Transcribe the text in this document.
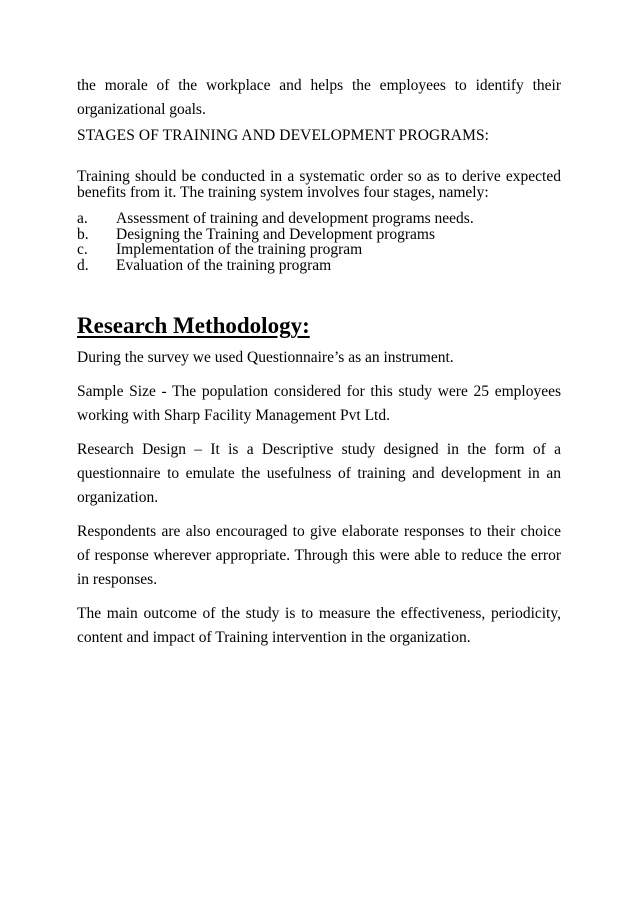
the morale of the workplace and helps the employees to identify their organizational goals.

STAGES OF TRAINING AND DEVELOPMENT PROGRAMS:

Training should be conducted in a systematic order so as to derive expected benefits from it. The training system involves four stages, namely:

a.	Assessment of training and development programs needs.
b.	Designing the Training and Development programs
c.	Implementation of the training program
d.	Evaluation of the training program
Research Methodology:

During the survey we used Questionnaire’s as an instrument.

Sample Size - The population considered for this study were 25 employees working with Sharp Facility Management Pvt Ltd.

Research Design – It is a Descriptive study designed in the form of a questionnaire to emulate the usefulness of training and development in an organization.

Respondents are also encouraged to give elaborate responses to their choice of response wherever appropriate. Through this were able to reduce the error in responses.

The main outcome of the study is to measure the effectiveness, periodicity, content and impact of Training intervention in the organization.
